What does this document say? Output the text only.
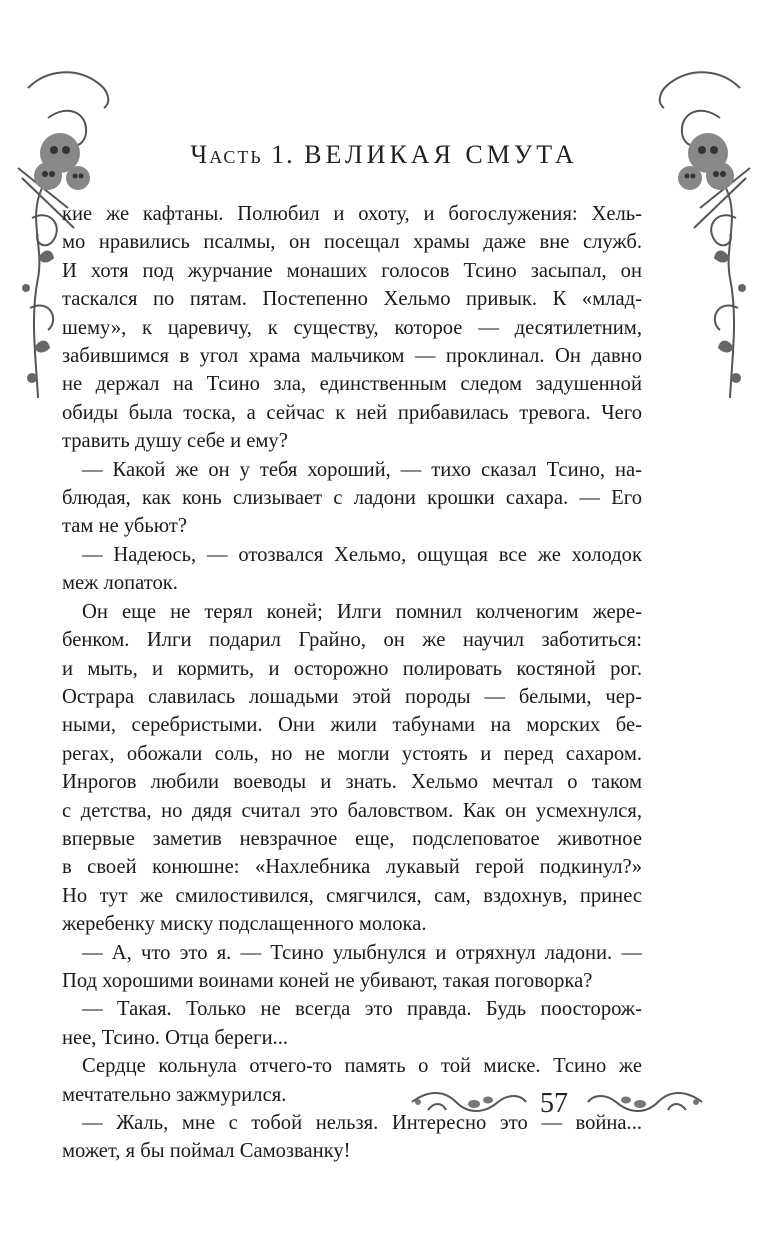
Часть 1. ВЕЛИКАЯ СМУТА

кие же кафтаны. Полюбил и охоту, и богослужения: Хель-

мо нравились псалмы, он посещал храмы даже вне служб.

И хотя под журчание монаших голосов Тсино засыпал, он

таскался по пятам. Постепенно Хельмо привык. К «млад-

шему», к царевичу, к существу, которое — десятилетним,

забившимся в угол храма мальчиком — проклинал. Он давно

не держал на Тсино зла, единственным следом задушенной

обиды была тоска, а сейчас к ней прибавилась тревога. Чего

травить душу себе и ему?

— Какой же он у тебя хороший, — тихо сказал Тсино, на-

блюдая, как конь слизывает с ладони крошки сахара. — Его

там не убьют?

— Надеюсь, — отозвался Хельмо, ощущая все же холодок

меж лопаток.

Он еще не терял коней; Илги помнил колченогим жере-

бенком. Илги подарил Грайно, он же научил заботиться:

и мыть, и кормить, и осторожно полировать костяной рог.

Острара славилась лошадьми этой породы — белыми, чер-

ными, серебристыми. Они жили табунами на морских бе-

регах, обожали соль, но не могли устоять и перед сахаром.

Инрогов любили воеводы и знать. Хельмо мечтал о таком

с детства, но дядя считал это баловством. Как он усмехнулся,

впервые заметив невзрачное еще, подслеповатое животное

в своей конюшне: «Нахлебника лукавый герой подкинул?»

Но тут же смилостивился, смягчился, сам, вздохнув, принес

жеребенку миску подслащенного молока.

— А, что это я. — Тсино улыбнулся и отряхнул ладони. —

Под хорошими воинами коней не убивают, такая поговорка?

— Такая. Только не всегда это правда. Будь поосторож-

нее, Тсино. Отца береги...

Сердце кольнула отчего-то память о той миске. Тсино же

мечтательно зажмурился.

— Жаль, мне с тобой нельзя. Интересно это — война...

может, я бы поймал Самозванку!

57
